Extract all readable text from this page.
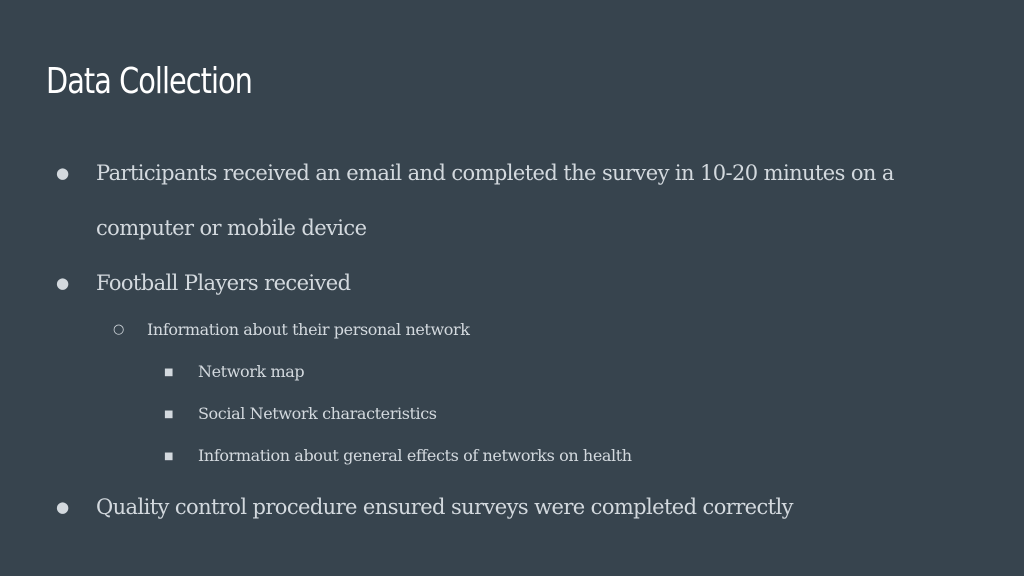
Data Collection
● Participants received an email and completed the survey in 10-20 minutes on a
computer or mobile device
● Football Players received
○ Information about their personal network
■ Network map
■ Social Network characteristics
■ Information about general effects of networks on health
● Quality control procedure ensured surveys were completed correctly
